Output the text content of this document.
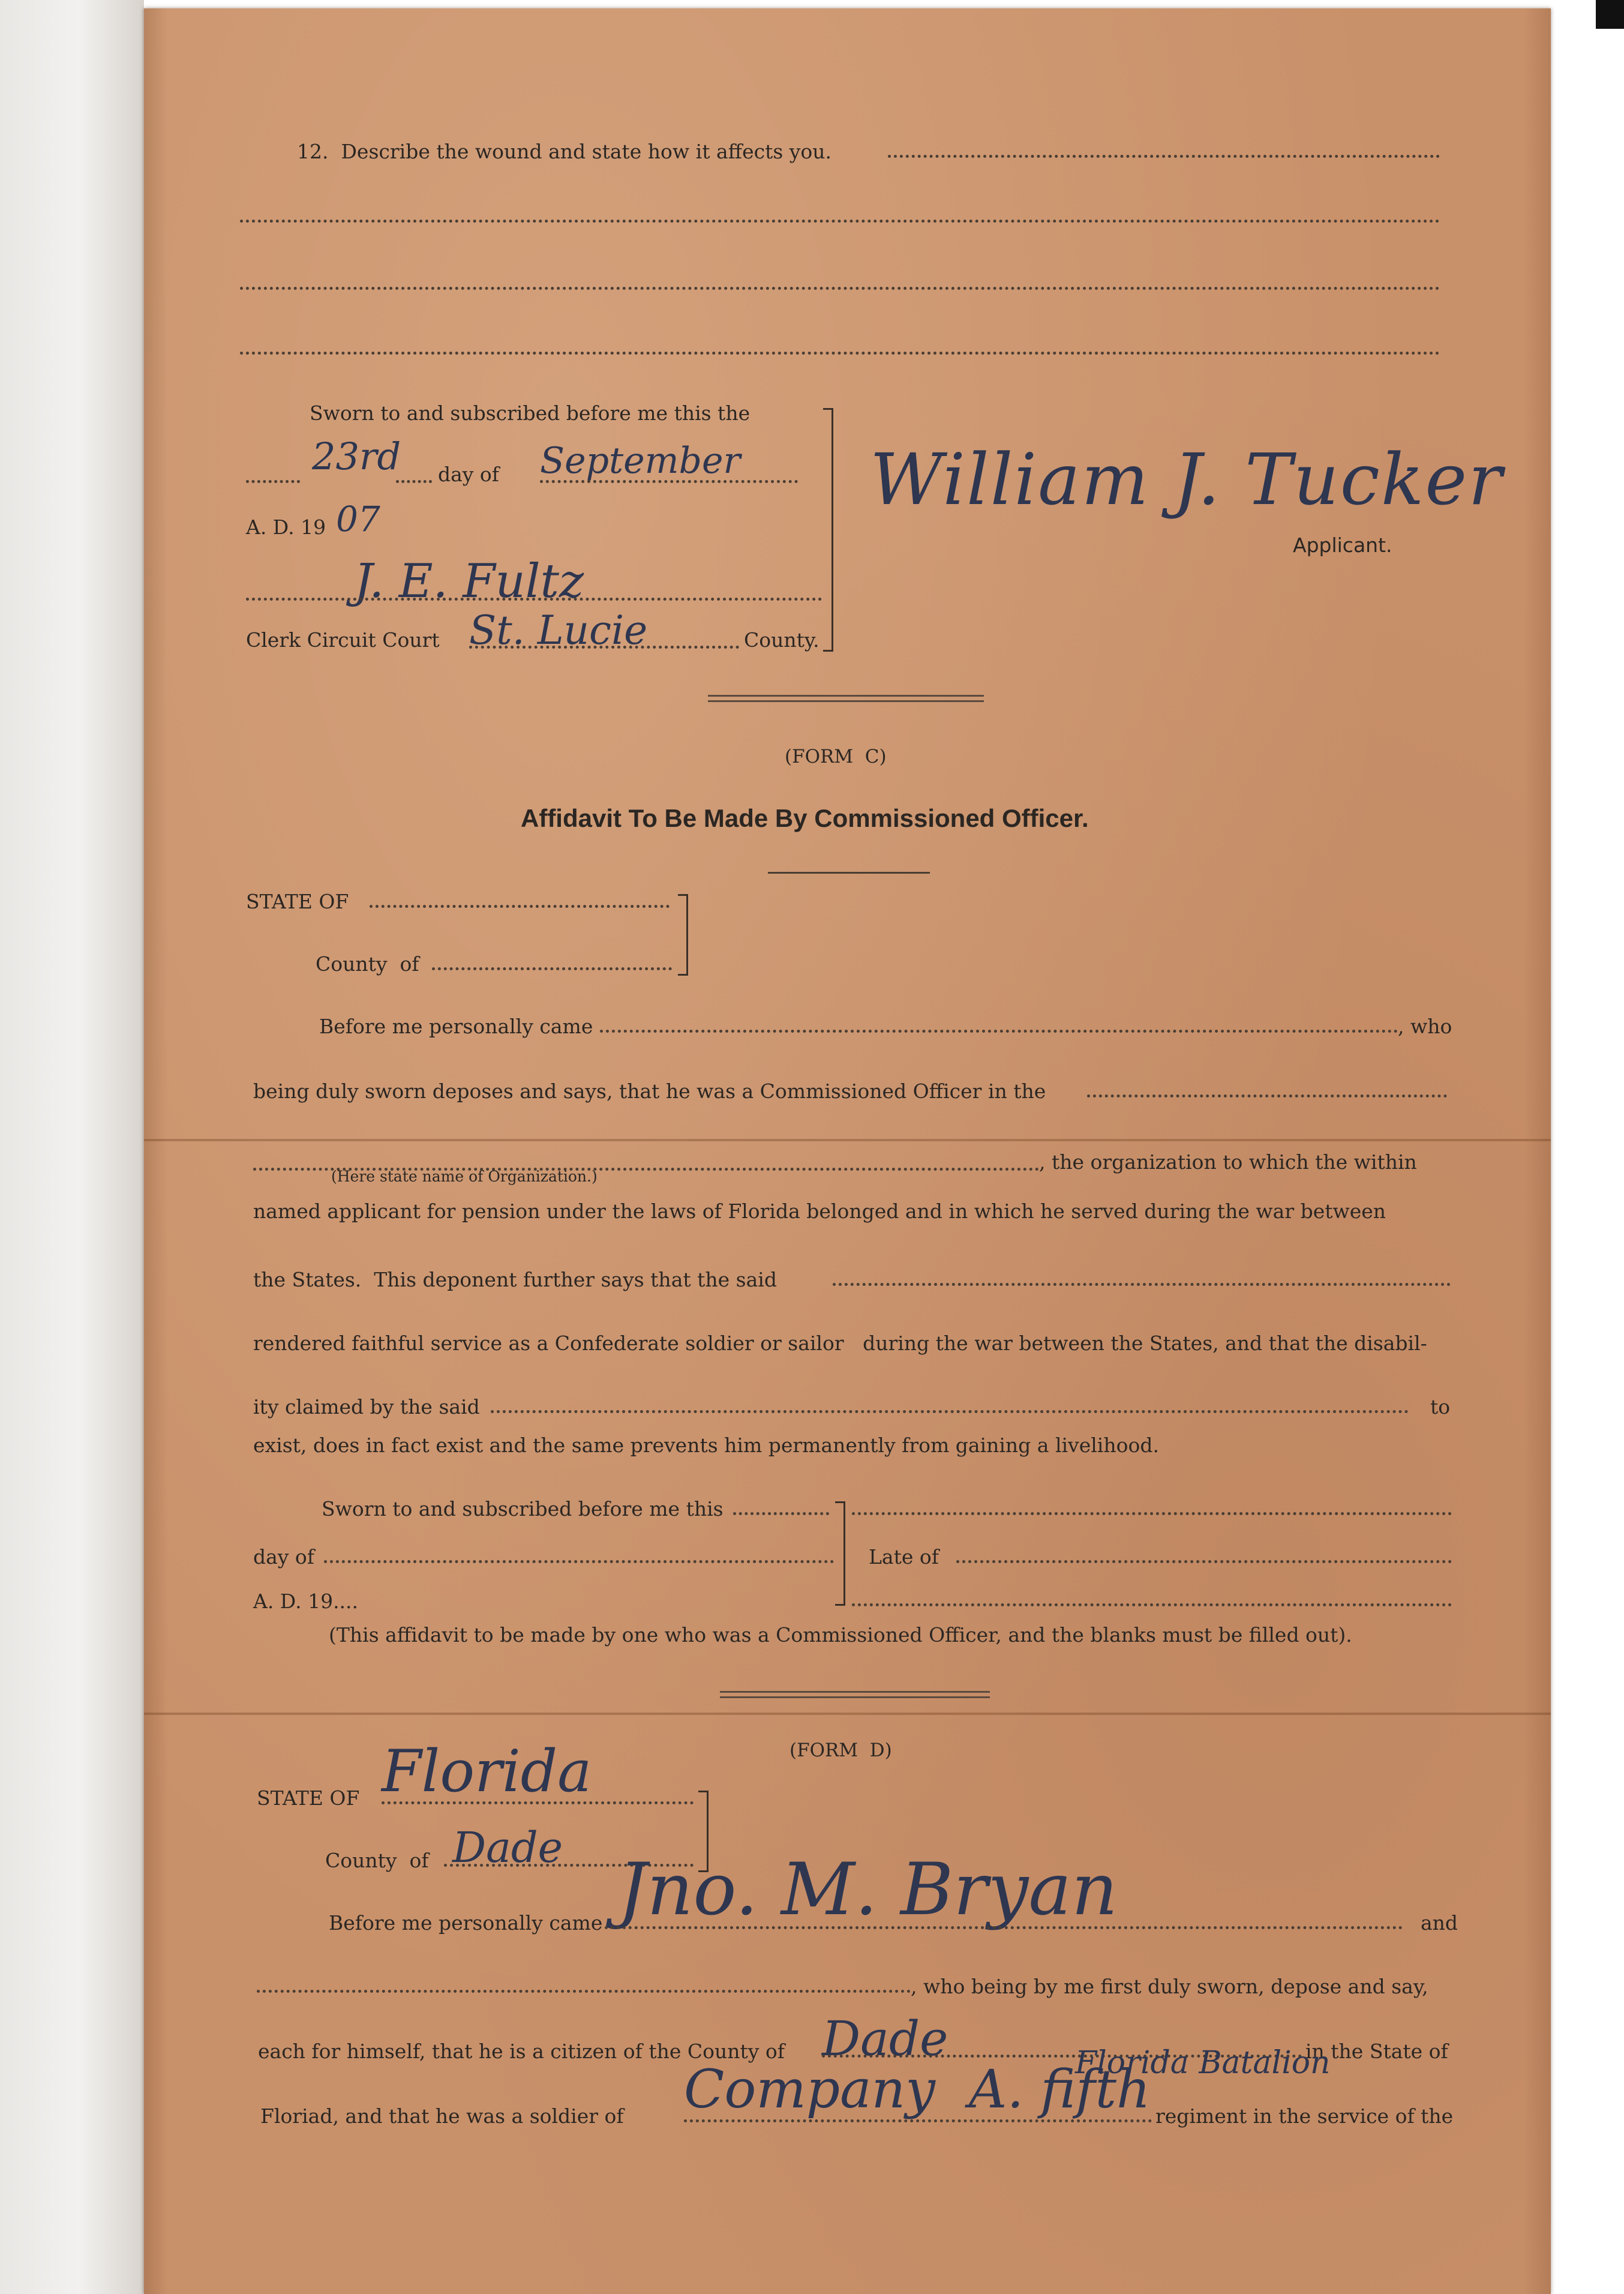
12.  Describe the wound and state how it affects you.
Sworn to and subscribed before me this the
23rd day of September
A. D. 19 07
J. E. Fultz
Clerk Circuit Court St. Lucie	County.
William J. Tucker
Applicant.
(FORM  C)
Affidavit To Be Made By Commissioned Officer.
STATE OF
County  of
Before me personally came	, who
being duly sworn deposes and says, that he was a Commissioned Officer in the
, the organization to which the within
(Here state name of Organization.)
named applicant for pension under the laws of Florida belonged and in which he served during the war between
the States.  This deponent further says that the said
rendered faithful service as a Confederate soldier or sailor   during the war between the States, and that the disabil-
ity claimed by the said	to
exist, does in fact exist and the same prevents him permanently from gaining a livelihood.
Sworn to and subscribed before me this
day of
A. D. 19....
Late of
(This affidavit to be made by one who was a Commissioned Officer, and the blanks must be filled out).
(FORM  D)
STATE OF Florida
County  of Dade
Before me personally came Jno. M. Bryan	and
, who being by me first duly sworn, depose and say,
each for himself, that he is a citizen of the County of Dade	in the State of
Floriad, and that he was a soldier of Company  A. fifth
Florida Batalion
regiment in the service of the
